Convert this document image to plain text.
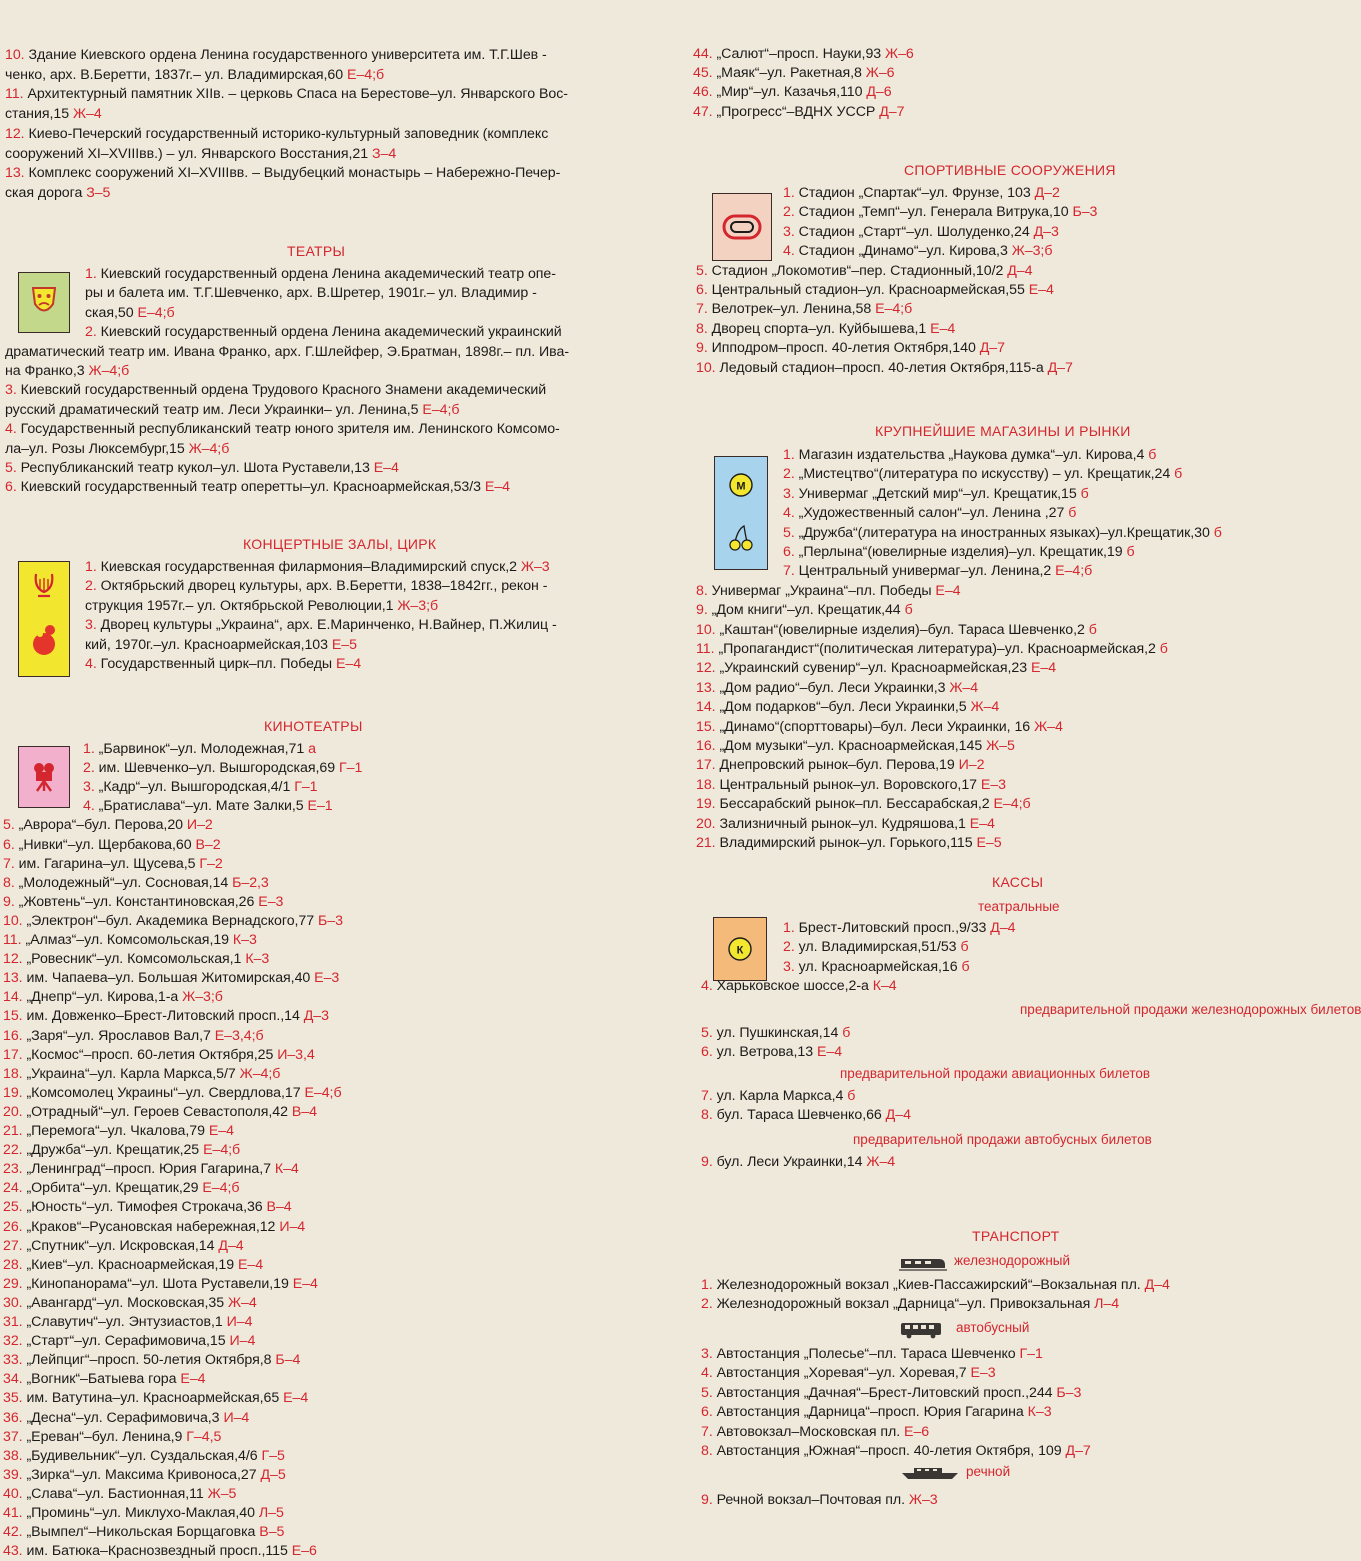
10. Здание Киевского ордена Ленина государственного университета им. Т.Г.Шев -
ченко, арх. В.Беретти, 1837г.– ул. Владимирская,60 Е–4;б
11. Архитектурный памятник XIIв. – церковь Спаса на Берестове–ул. Январского Вос-
стания,15 Ж–4
12. Киево-Печерский государственный историко-культурный заповедник (комплекс
сооружений XI–XVIIIвв.) – ул. Январского Восстания,21 З–4
13. Комплекс сооружений XI–XVIIIвв. – Выдубецкий монастырь – Набережно-Печер-
ская дорога З–5
ТЕАТРЫ
1. Киевский государственный ордена Ленина академический театр опе-
ры и балета им. Т.Г.Шевченко, арх. В.Шретер, 1901г.– ул. Владимир -
ская,50 Е–4;б
2. Киевский государственный ордена Ленина академический украинский
драматический театр им. Ивана Франко, арх. Г.Шлейфер, Э.Братман, 1898г.– пл. Ива-
на Франко,3 Ж–4;б
3. Киевский государственный ордена Трудового Красного Знамени академический
русский драматический театр им. Леси Украинки– ул. Ленина,5 Е–4;б
4. Государственный республиканский театр юного зрителя им. Ленинского Комсомо-
ла–ул. Розы Люксембург,15 Ж–4;б
5. Республиканский театр кукол–ул. Шота Руставели,13 Е–4
6. Киевский государственный театр оперетты–ул. Красноармейская,53/3 Е–4
КОНЦЕРТНЫЕ ЗАЛЫ, ЦИРК
1. Киевская государственная филармония–Владимирский спуск,2 Ж–3
2. Октябрьский дворец культуры, арх. В.Беретти, 1838–1842гг., рекон -
струкция 1957г.– ул. Октябрьской Революции,1 Ж–3;б
3. Дворец культуры „Украина“, арх. Е.Маринченко, Н.Вайнер, П.Жилиц -
кий, 1970г.–ул. Красноармейская,103 Е–5
4. Государственный цирк–пл. Победы Е–4
КИНОТЕАТРЫ
1. „Барвинок“–ул. Молодежная,71 а
2. им. Шевченко–ул. Вышгородская,69 Г–1
3. „Кадр“–ул. Вышгородская,4/1 Г–1
4. „Братислава“–ул. Мате Залки,5 Е–1
5. „Аврора“–бул. Перова,20 И–2
6. „Нивки“–ул. Щербакова,60 В–2
7. им. Гагарина–ул. Щусева,5 Г–2
8. „Молодежный“–ул. Сосновая,14 Б–2,3
9. „Жовтень“–ул. Константиновская,26 Е–3
10. „Электрон“–бул. Академика Вернадского,77 Б–3
11. „Алмаз“–ул. Комсомольская,19 К–3
12. „Ровесник“–ул. Комсомольская,1 К–3
13. им. Чапаева–ул. Большая Житомирская,40 Е–3
14. „Днепр“–ул. Кирова,1-а Ж–3;б
15. им. Довженко–Брест-Литовский просп.,14 Д–3
16. „Заря“–ул. Ярославов Вал,7 Е–3,4;б
17. „Космос“–просп. 60-летия Октября,25 И–3,4
18. „Украина“–ул. Карла Маркса,5/7 Ж–4;б
19. „Комсомолец Украины“–ул. Свердлова,17 Е–4;б
20. „Отрадный“–ул. Героев Севастополя,42 В–4
21. „Перемога“–ул. Чкалова,79 Е–4
22. „Дружба“–ул. Крещатик,25 Е–4;б
23. „Ленинград“–просп. Юрия Гагарина,7 К–4
24. „Орбита“–ул. Крещатик,29 Е–4;б
25. „Юность“–ул. Тимофея Строкача,36 В–4
26. „Краков“–Русановская набережная,12 И–4
27. „Спутник“–ул. Искровская,14 Д–4
28. „Киев“–ул. Красноармейская,19 Е–4
29. „Кинопанорама“–ул. Шота Руставели,19 Е–4
30. „Авангард“–ул. Московская,35 Ж–4
31. „Славутич“–ул. Энтузиастов,1 И–4
32. „Старт“–ул. Серафимовича,15 И–4
33. „Лейпциг“–просп. 50-летия Октября,8 Б–4
34. „Вогник“–Батыева гора Е–4
35. им. Ватутина–ул. Красноармейская,65 Е–4
36. „Десна“–ул. Серафимовича,3 И–4
37. „Ереван“–бул. Ленина,9 Г–4,5
38. „Будивельник“–ул. Суздальская,4/6 Г–5
39. „Зирка“–ул. Максима Кривоноса,27 Д–5
40. „Слава“–ул. Бастионная,11 Ж–5
41. „Проминь“–ул. Миклухо-Маклая,40 Л–5
42. „Вымпел“–Никольская Борщаговка В–5
43. им. Батюка–Краснозвездный просп.,115 Е–6
44. „Салют“–просп. Науки,93 Ж–6
45. „Маяк“–ул. Ракетная,8 Ж–6
46. „Мир“–ул. Казачья,110 Д–6
47. „Прогресс“–ВДНХ УССР Д–7
СПОРТИВНЫЕ СООРУЖЕНИЯ
1. Стадион „Спартак“–ул. Фрунзе, 103 Д–2
2. Стадион „Темп“–ул. Генерала Витрука,10 Б–3
3. Стадион „Старт“–ул. Шолуденко,24 Д–3
4. Стадион „Динамо“–ул. Кирова,3 Ж–3;б
5. Стадион „Локомотив“–пер. Стадионный,10/2 Д–4
6. Центральный стадион–ул. Красноармейская,55 Е–4
7. Велотрек–ул. Ленина,58 Е–4;б
8. Дворец спорта–ул. Куйбышева,1 Е–4
9. Ипподром–просп. 40-летия Октября,140 Д–7
10. Ледовый стадион–просп. 40-летия Октября,115-а Д–7
КРУПНЕЙШИЕ МАГАЗИНЫ И РЫНКИ
М
1. Магазин издательства „Наукова думка“–ул. Кирова,4 б
2. „Мистецтво“(литература по искусству) – ул. Крещатик,24 б
3. Универмаг „Детский мир“–ул. Крещатик,15 б
4. „Художественный салон“–ул. Ленина ,27 б
5. „Дружба“(литература на иностранных языках)–ул.Крещатик,30 б
6. „Перлына“(ювелирные изделия)–ул. Крещатик,19 б
7. Центральный универмаг–ул. Ленина,2 Е–4;б
8. Универмаг „Украина“–пл. Победы Е–4
9. „Дом книги“–ул. Крещатик,44 б
10. „Каштан“(ювелирные изделия)–бул. Тараса Шевченко,2 б
11. „Пропагандист“(политическая литература)–ул. Красноармейская,2 б
12. „Украинский сувенир“–ул. Красноармейская,23 Е–4
13. „Дом радио“–бул. Леси Украинки,3 Ж–4
14. „Дом подарков“–бул. Леси Украинки,5 Ж–4
15. „Динамо“(спорттовары)–бул. Леси Украинки, 16 Ж–4
16. „Дом музыки“–ул. Красноармейская,145 Ж–5
17. Днепровский рынок–бул. Перова,19 И–2
18. Центральный рынок–ул. Воровского,17 Е–3
19. Бессарабский рынок–пл. Бессарабская,2 Е–4;б
20. Зализничный рынок–ул. Кудряшова,1 Е–4
21. Владимирский рынок–ул. Горького,115 Е–5
КАССЫ
театральные
К
1. Брест-Литовский просп.,9/33 Д–4
2. ул. Владимирская,51/53 б
3. ул. Красноармейская,16 б
4. Харьковское шоссе,2-а К–4
предварительной продажи железнодорожных билетов
5. ул. Пушкинская,14 б
6. ул. Ветрова,13 Е–4
предварительной продажи авиационных билетов
7. ул. Карла Маркса,4 б
8. бул. Тараса Шевченко,66 Д–4
предварительной продажи автобусных билетов
9. бул. Леси Украинки,14 Ж–4
ТРАНСПОРТ
железнодорожный
1. Железнодорожный вокзал „Киев-Пассажирский“–Вокзальная пл. Д–4
2. Железнодорожный вокзал „Дарница“–ул. Привокзальная Л–4
автобусный
3. Автостанция „Полесье“–пл. Тараса Шевченко Г–1
4. Автостанция „Хоревая“–ул. Хоревая,7 Е–3
5. Автостанция „Дачная“–Брест-Литовский просп.,244 Б–3
6. Автостанция „Дарница“–просп. Юрия Гагарина К–3
7. Автовокзал–Московская пл. Е–6
8. Автостанция „Южная“–просп. 40-летия Октября, 109 Д–7
речной
9. Речной вокзал–Почтовая пл. Ж–3
